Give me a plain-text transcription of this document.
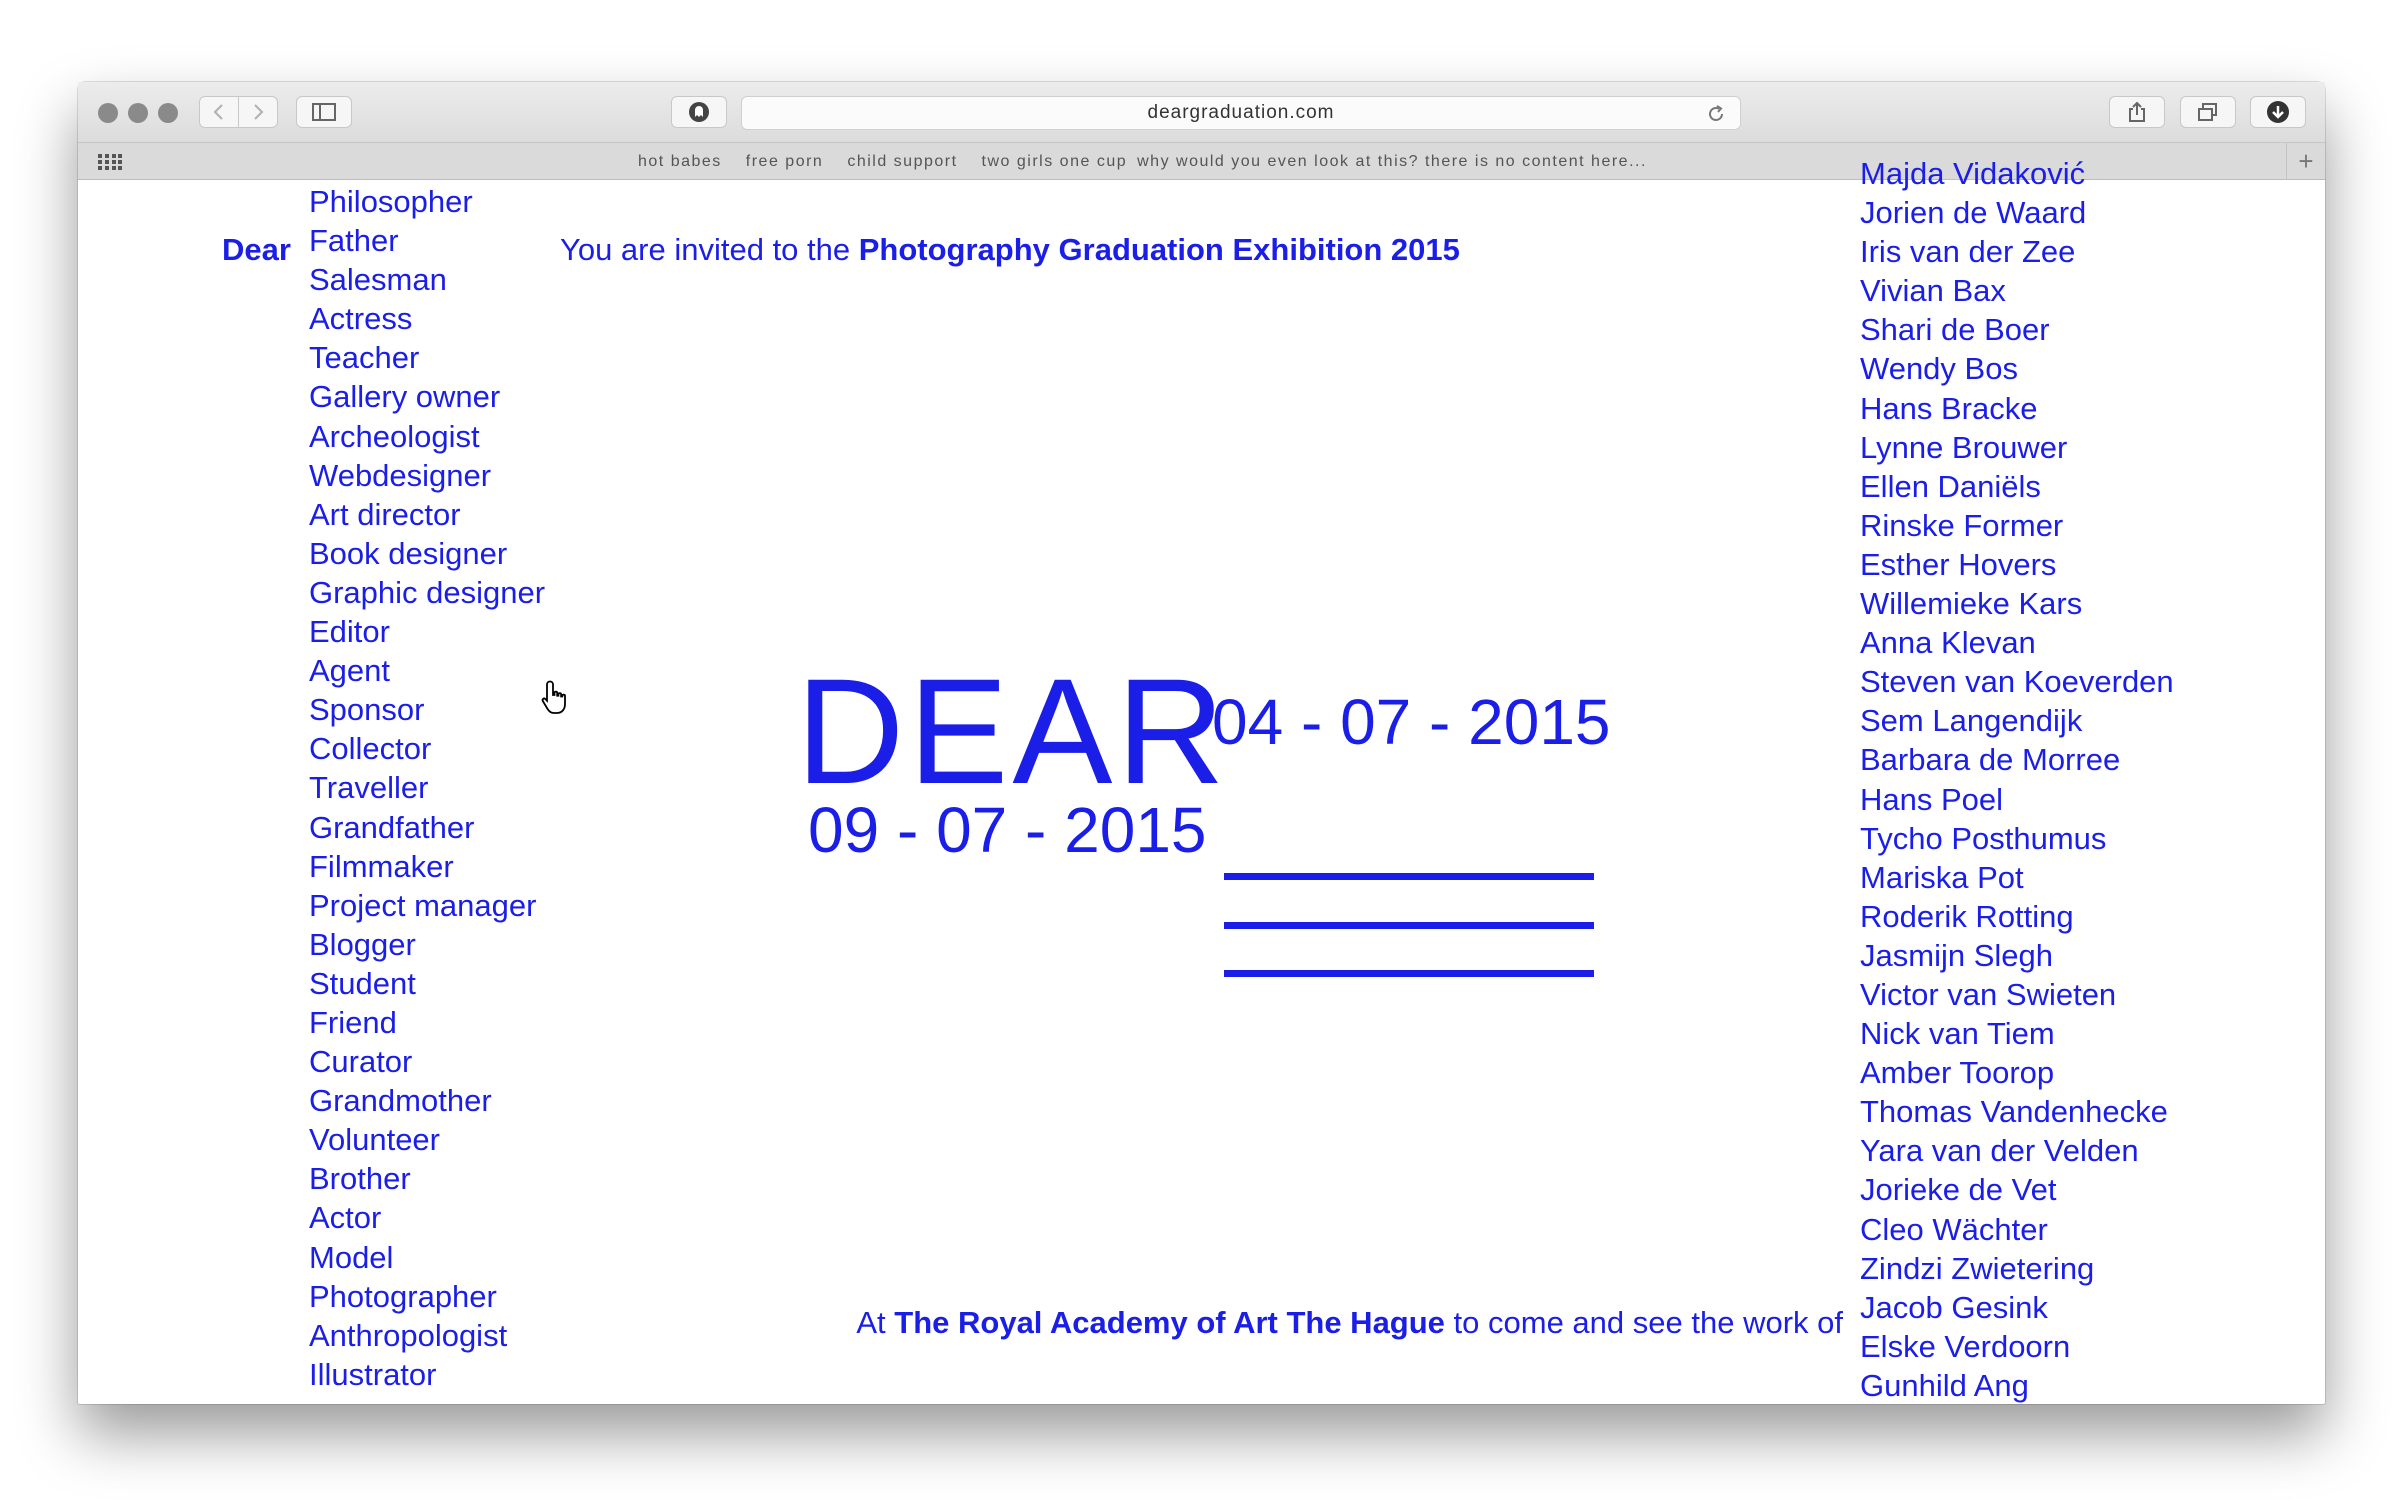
deargraduation.com
hot babes free porn child support two girls one cup why would you even look at this? there is no content here...	+
Dear
Philosopher
Father
Salesman
Actress
Teacher
Gallery owner
Archeologist
Webdesigner
Art director
Book designer
Graphic designer
Editor
Agent
Sponsor
Collector
Traveller
Grandfather
Filmmaker
Project manager
Blogger
Student
Friend
Curator
Grandmother
Volunteer
Brother
Actor
Model
Photographer
Anthropologist
Illustrator
You are invited to the Photography Graduation Exhibition 2015
DEAR
04 - 07 - 2015
09 - 07 - 2015
At The Royal Academy of Art The Hague to come and see the work of
Majda Vidaković
Jorien de Waard
Iris van der Zee
Vivian Bax
Shari de Boer
Wendy Bos
Hans Bracke
Lynne Brouwer
Ellen Daniëls
Rinske Former
Esther Hovers
Willemieke Kars
Anna Klevan
Steven van Koeverden
Sem Langendijk
Barbara de Morree
Hans Poel
Tycho Posthumus
Mariska Pot
Roderik Rotting
Jasmijn Slegh
Victor van Swieten
Nick van Tiem
Amber Toorop
Thomas Vandenhecke
Yara van der Velden
Jorieke de Vet
Cleo Wächter
Zindzi Zwietering
Jacob Gesink
Elske Verdoorn
Gunhild Ang
